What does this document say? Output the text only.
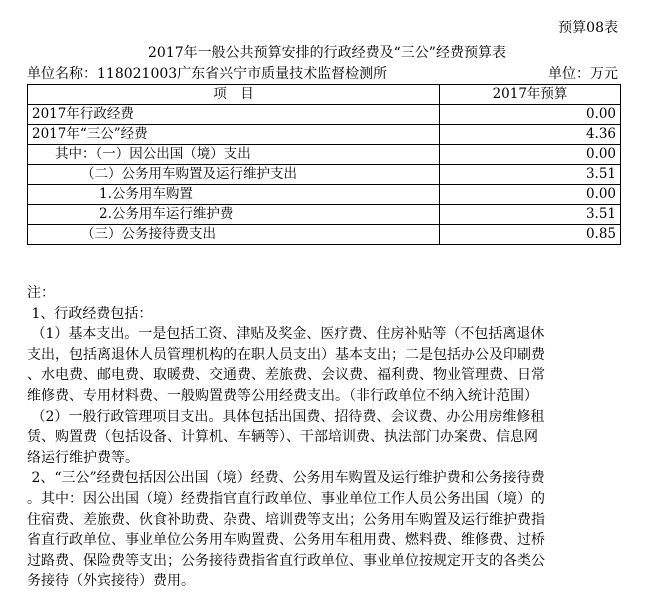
预算08表
2017年一般公共预算安排的行政经费及“三公”经费预算表
单位名称：118021003广东省兴宁市质量技术监督检测所	单位：万元
项　目	2017年预算
2017年行政经费	0.00
2017年“三公”经费	4.36
其中：（一）因公出国（境）支出	0.00
（二）公务用车购置及运行维护支出	3.51
1.公务用车购置	0.00
2.公务用车运行维护费	3.51
（三）公务接待费支出	0.85

注：

1、行政经费包括：

（1）基本支出。一是包括工资、津贴及奖金、医疗费、住房补贴等（不包括离退休

支出，包括离退休人员管理机构的在职人员支出）基本支出；二是包括办公及印刷费

、水电费、邮电费、取暖费、交通费、差旅费、会议费、福利费、物业管理费、日常

维修费、专用材料费、一般购置费等公用经费支出。（非行政单位不纳入统计范围）

（2）一般行政管理项目支出。具体包括出国费、招待费、会议费、办公用房维修租

赁、购置费（包括设备、计算机、车辆等）、干部培训费、执法部门办案费、信息网

络运行维护费等。

2、“三公”经费包括因公出国（境）经费、公务用车购置及运行维护费和公务接待费

。其中：因公出国（境）经费指官直行政单位、事业单位工作人员公务出国（境）的

住宿费、差旅费、伙食补助费、杂费、培训费等支出；公务用车购置及运行维护费指

省直行政单位、事业单位公务用车购置费、公务用车租用费、燃料费、维修费、过桥

过路费、保险费等支出；公务接待费指省直行政单位、事业单位按规定开支的各类公

务接待（外宾接待）费用。
